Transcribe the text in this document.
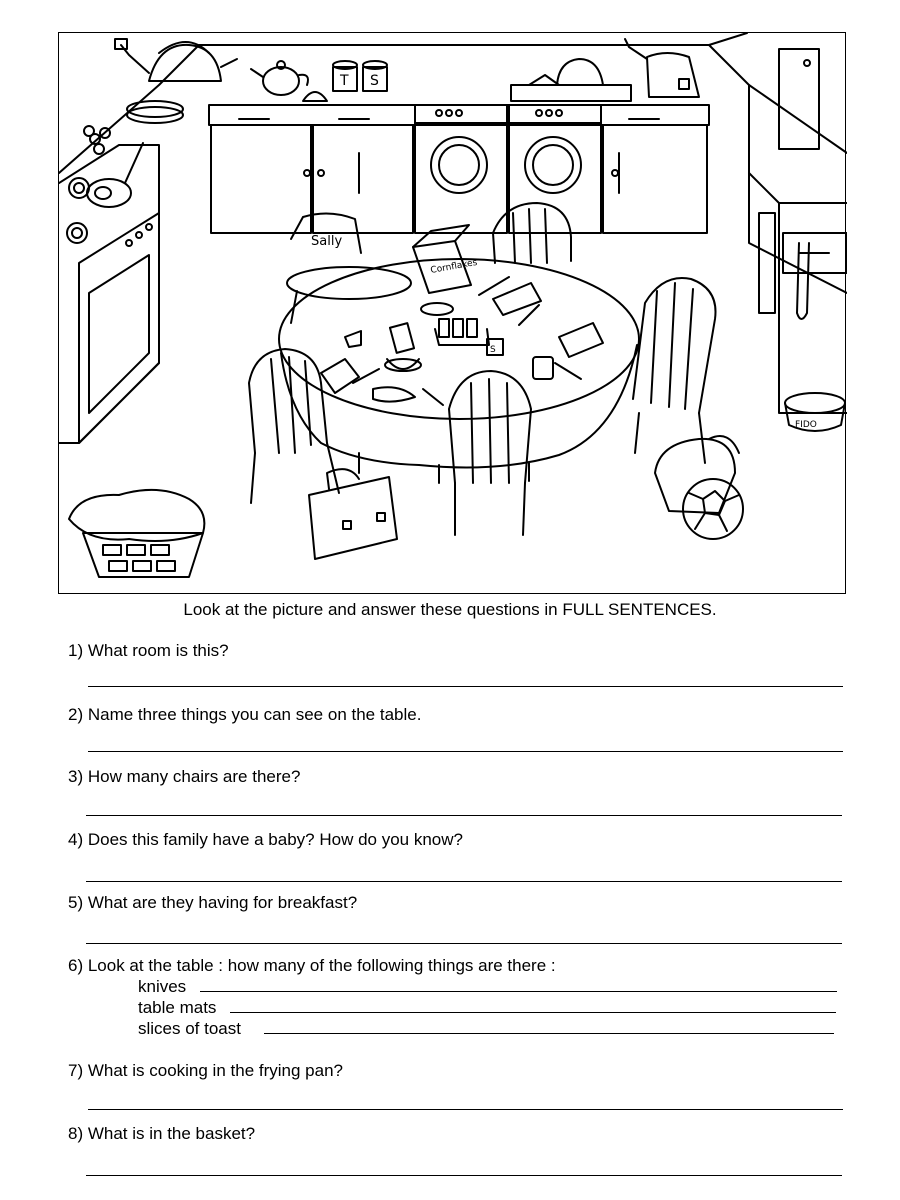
T S
FIDO
Sally
Cornflakes
S
Look at the picture and answer these questions in FULL SENTENCES.
1) What room is this?
2) Name three things you can see on the table.
3) How many chairs are there?
4) Does this family have a baby? How do you know?
5) What are they having for breakfast?
6) Look at the table : how many of the following things are there :
knives
table mats
slices of toast
7) What is cooking in the frying pan?
8) What is in the basket?
